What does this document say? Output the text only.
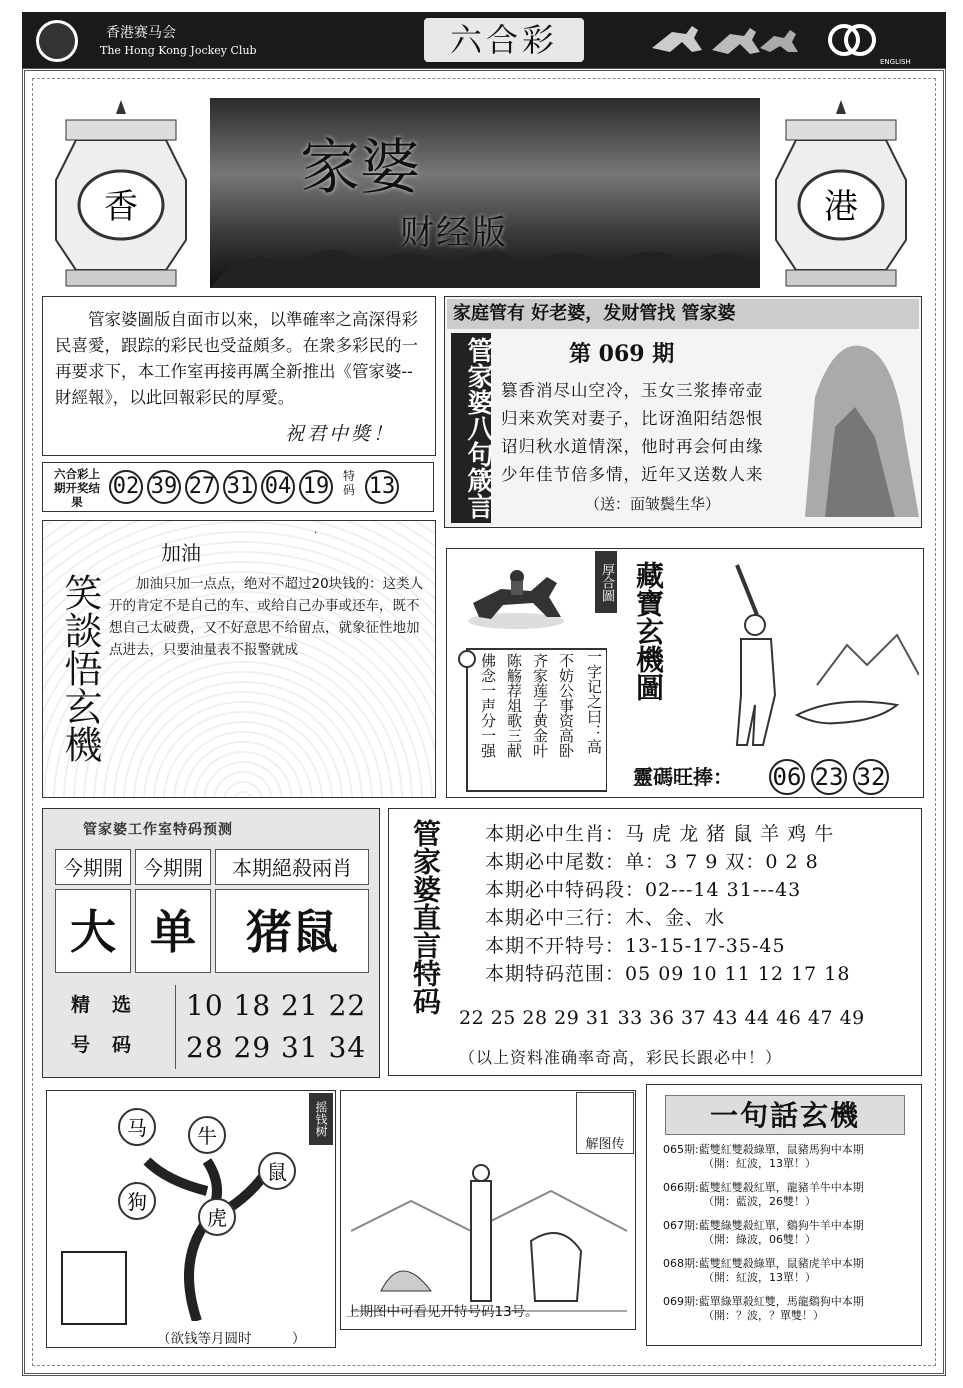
香港赛马会
The Hong Kong Jockey Club	六合彩
ENGLISH
香	港
家婆
财经版
管家婆圖版自面市以來，以準確率之高深得彩民喜愛，跟踪的彩民也受益頗多。在衆多彩民的一再要求下，本工作室再接再厲全新推出《管家婆--財經報》，以此回報彩民的厚愛。
祝君中獎！
六合彩上期开奖结果
02 39 27 31 04 19	特码 13
家庭管有 好老婆，发财管找 管家婆
管家婆八句箴言	第 069 期
篡香消尽山空冷，玉女三浆捧帝壶
归来欢笑对妻子，比讶渔阳结怨恨
诏归秋水道情深，他时再会何由缘
少年佳节倍多情，近年又送数人来
（送：面皱鬓生华）
笑談悟玄機
加油
加油只加一点点，绝对不超过20块钱的：这类人开的肯定不是自己的车、或给自己办事或还车，既不想自己太破费，又不好意思不给留点，就象征性地加点进去，只要油量表不报警就成
厚合圖
一字记之曰：高
不妨公事资高卧
齐家莲子黄金叶
陈觞荐俎歌三献
佛念一声分一强
藏寶玄機圖
靈碼旺捧： 06 23 32
·
管家婆工作室特码预测
今期開	今期開	本期絕殺兩肖
大 单	猪鼠
精选号码
10 18 21 22
28 29 31 34
管家婆直言特码 本期必中生肖：马 虎 龙 猪 鼠 羊 鸡 牛
本期必中尾数：单：3 7 9 双：0 2 8
本期必中特码段：02---14 31---43
本期必中三行：木、金、水
本期不开特号：13-15-17-35-45
本期特码范围：05 09 10 11 12 17 18
22 25 28 29 31 33 36 37 43 44 46 47 49
（以上资料准确率奇高，彩民长跟必中！）
摇钱树
马	牛
鼠
狗
虎
（欲钱等月圆时　　　）
解图传
上期图中可看见开特号码13号。
一句話玄機
065期:藍雙紅雙殺綠單，鼠豬馬狗中本期
（開：紅波，13單！）
066期:藍雙紅雙殺紅單，龍豬羊牛中本期
（開：藍波，26雙！）
067期:藍雙綠雙殺紅單，鷄狗牛羊中本期
（開：綠波，06雙！）
068期:藍雙紅雙殺綠單，鼠豬虎羊中本期
（開：紅波，13單！）
069期:藍單綠單殺紅雙，馬龍鷄狗中本期
（開：？波，？單雙！）
